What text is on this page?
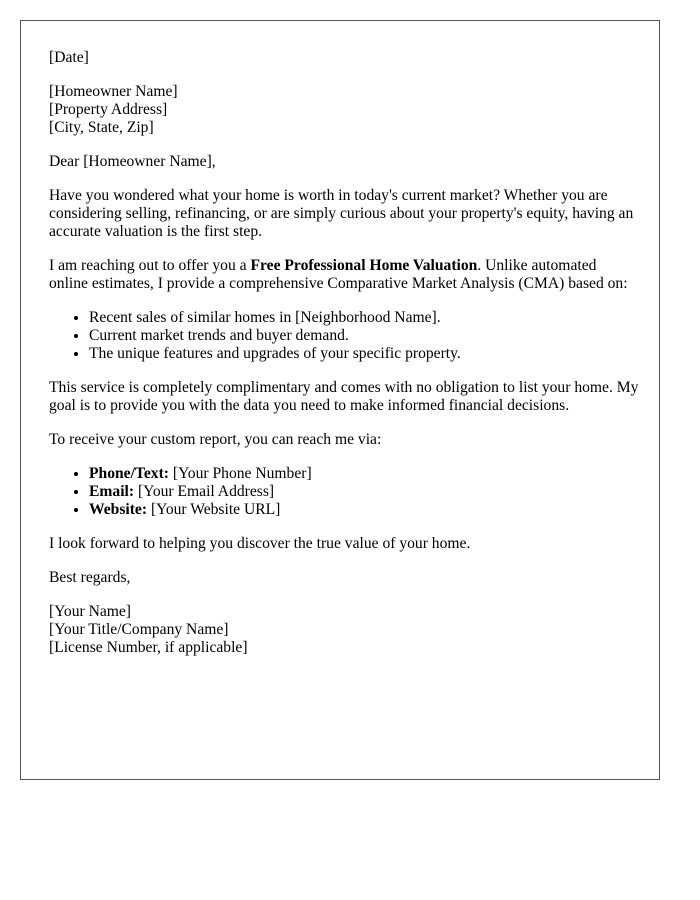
[Date]

[Homeowner Name]
[Property Address]
[City, State, Zip]

Dear [Homeowner Name],

Have you wondered what your home is worth in today's current market? Whether you are considering selling, refinancing, or are simply curious about your property's equity, having an accurate valuation is the first step.

I am reaching out to offer you a Free Professional Home Valuation. Unlike automated online estimates, I provide a comprehensive Comparative Market Analysis (CMA) based on:

• Recent sales of similar homes in [Neighborhood Name].
• Current market trends and buyer demand.
• The unique features and upgrades of your specific property.

This service is completely complimentary and comes with no obligation to list your home. My goal is to provide you with the data you need to make informed financial decisions.

To receive your custom report, you can reach me via:

• Phone/Text: [Your Phone Number]
• Email: [Your Email Address]
• Website: [Your Website URL]

I look forward to helping you discover the true value of your home.

Best regards,

[Your Name]
[Your Title/Company Name]
[License Number, if applicable]
